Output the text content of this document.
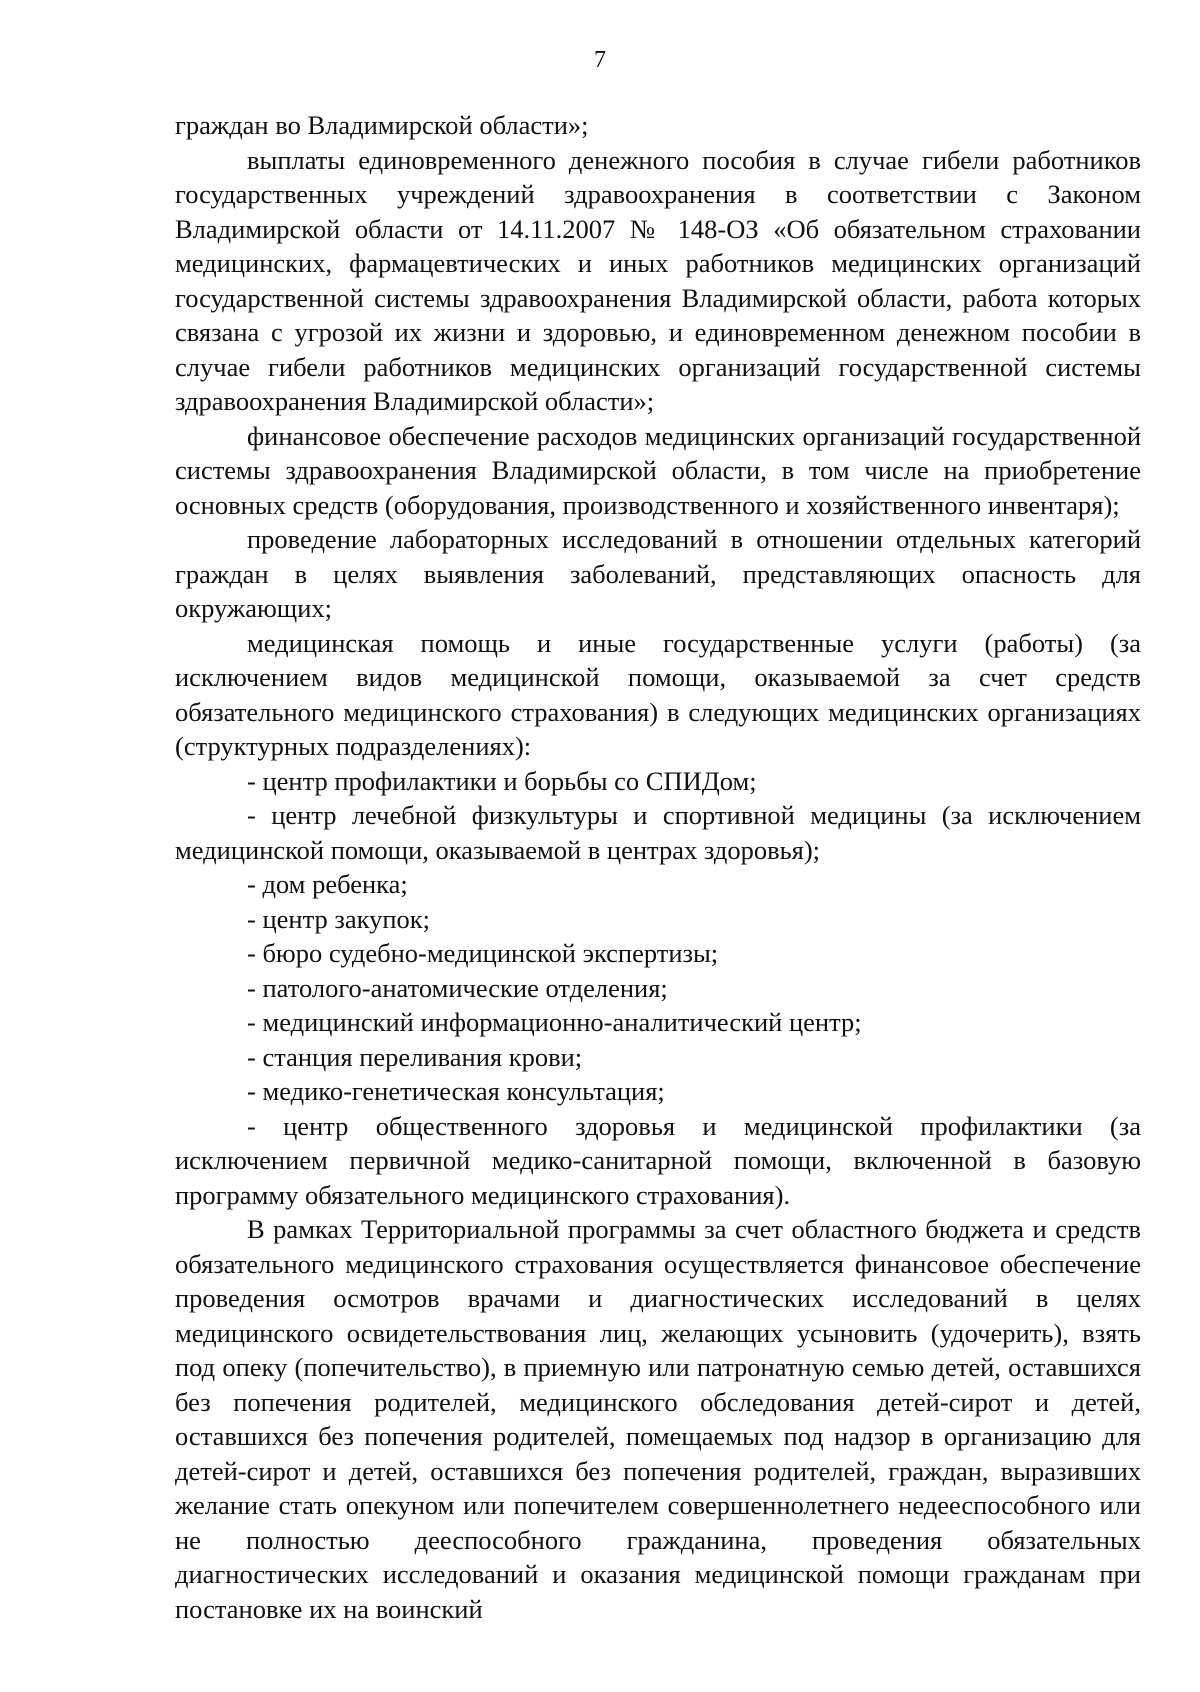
7

граждан во Владимирской области»;

выплаты единовременного денежного пособия в случае гибели работников государственных учреждений здравоохранения в соответствии с Законом Владимирской области от 14.11.2007 № 148-ОЗ «Об обязательном страховании медицинских, фармацевтических и иных работников медицинских организаций государственной системы здравоохранения Владимирской области, работа которых связана с угрозой их жизни и здоровью, и единовременном денежном пособии в случае гибели работников медицинских организаций государственной системы здравоохранения Владимирской области»;

финансовое обеспечение расходов медицинских организаций государственной системы здравоохранения Владимирской области, в том числе на приобретение основных средств (оборудования, производственного и хозяйственного инвентаря);

проведение лабораторных исследований в отношении отдельных категорий граждан в целях выявления заболеваний, представляющих опасность для окружающих;

медицинская помощь и иные государственные услуги (работы) (за исключением видов медицинской помощи, оказываемой за счет средств обязательного медицинского страхования) в следующих медицинских организациях (структурных подразделениях):

- центр профилактики и борьбы со СПИДом;

- центр лечебной физкультуры и спортивной медицины (за исключением медицинской помощи, оказываемой в центрах здоровья);

- дом ребенка;

- центр закупок;

- бюро судебно-медицинской экспертизы;

- патолого-анатомические отделения;

- медицинский информационно-аналитический центр;

- станция переливания крови;

- медико-генетическая консультация;

- центр общественного здоровья и медицинской профилактики (за исключением первичной медико-санитарной помощи, включенной в базовую программу обязательного медицинского страхования).

В рамках Территориальной программы за счет областного бюджета и средств обязательного медицинского страхования осуществляется финансовое обеспечение проведения осмотров врачами и диагностических исследований в целях медицинского освидетельствования лиц, желающих усыновить (удочерить), взять под опеку (попечительство), в приемную или патронатную семью детей, оставшихся без попечения родителей, медицинского обследования детей-сирот и детей, оставшихся без попечения родителей, помещаемых под надзор в организацию для детей-сирот и детей, оставшихся без попечения родителей, граждан, выразивших желание стать опекуном или попечителем совершеннолетнего недееспособного или не полностью дееспособного гражданина, проведения обязательных диагностических исследований и оказания медицинской помощи гражданам при постановке их на воинский
